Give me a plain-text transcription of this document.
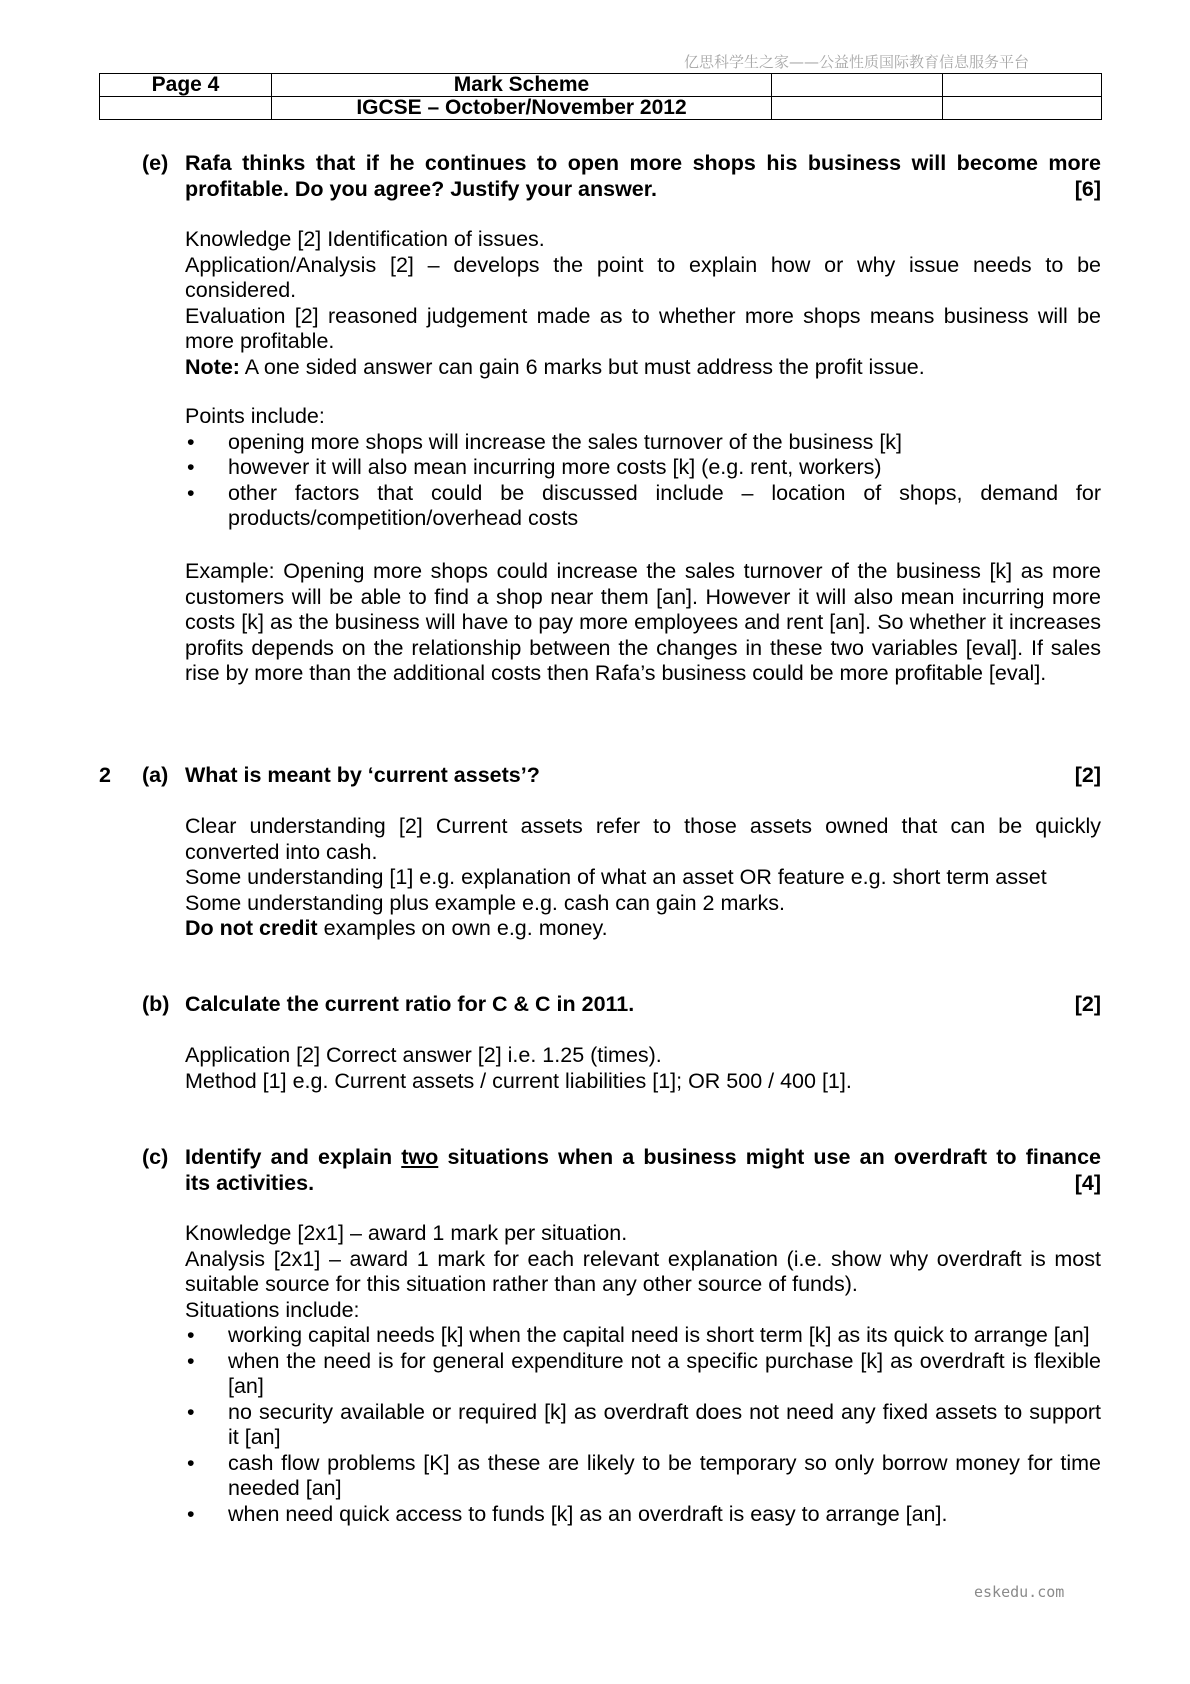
亿思科学生之家——公益性质国际教育信息服务平台
Page 4	Mark Scheme		
	IGCSE – October/November 2012		
(e) Rafa thinks that if he continues to open more shops his business will become more
profitable. Do you agree? Justify your answer.	[6]

Knowledge [2] Identification of issues.

Application/Analysis [2] – develops the point to explain how or why issue needs to be considered.

Evaluation [2] reasoned judgement made as to whether more shops means business will be more profitable.

Note: A one sided answer can gain 6 marks but must address the profit issue.

Points include:

• opening more shops will increase the sales turnover of the business [k]
• however it will also mean incurring more costs [k] (e.g. rent, workers)
• other factors that could be discussed include – location of shops, demand for products/competition/overhead costs

Example: Opening more shops could increase the sales turnover of the business [k] as more customers will be able to find a shop near them [an]. However it will also mean incurring more costs [k] as the business will have to pay more employees and rent [an]. So whether it increases profits depends on the relationship between the changes in these two variables [eval]. If sales rise by more than the additional costs then Rafa’s business could be more profitable [eval].

2 (a) What is meant by ‘current assets’?	[2]

Clear understanding [2] Current assets refer to those assets owned that can be quickly converted into cash.

Some understanding [1] e.g. explanation of what an asset OR feature e.g. short term asset

Some understanding plus example e.g. cash can gain 2 marks.

Do not credit examples on own e.g. money.

(b) Calculate the current ratio for C & C in 2011.	[2]

Application [2] Correct answer [2] i.e. 1.25 (times).

Method [1] e.g. Current assets / current liabilities [1]; OR 500 / 400 [1].

(c) Identify and explain two situations when a business might use an overdraft to finance
its activities.	[4]

Knowledge [2x1] – award 1 mark per situation.

Analysis [2x1] – award 1 mark for each relevant explanation (i.e. show why overdraft is most suitable source for this situation rather than any other source of funds).

Situations include:

• working capital needs [k] when the capital need is short term [k] as its quick to arrange [an]
• when the need is for general expenditure not a specific purchase [k] as overdraft is flexible [an]
• no security available or required [k] as overdraft does not need any fixed assets to support it [an]
• cash flow problems [K] as these are likely to be temporary so only borrow money for time needed [an]
• when need quick access to funds [k] as an overdraft is easy to arrange [an].
eskedu.com
